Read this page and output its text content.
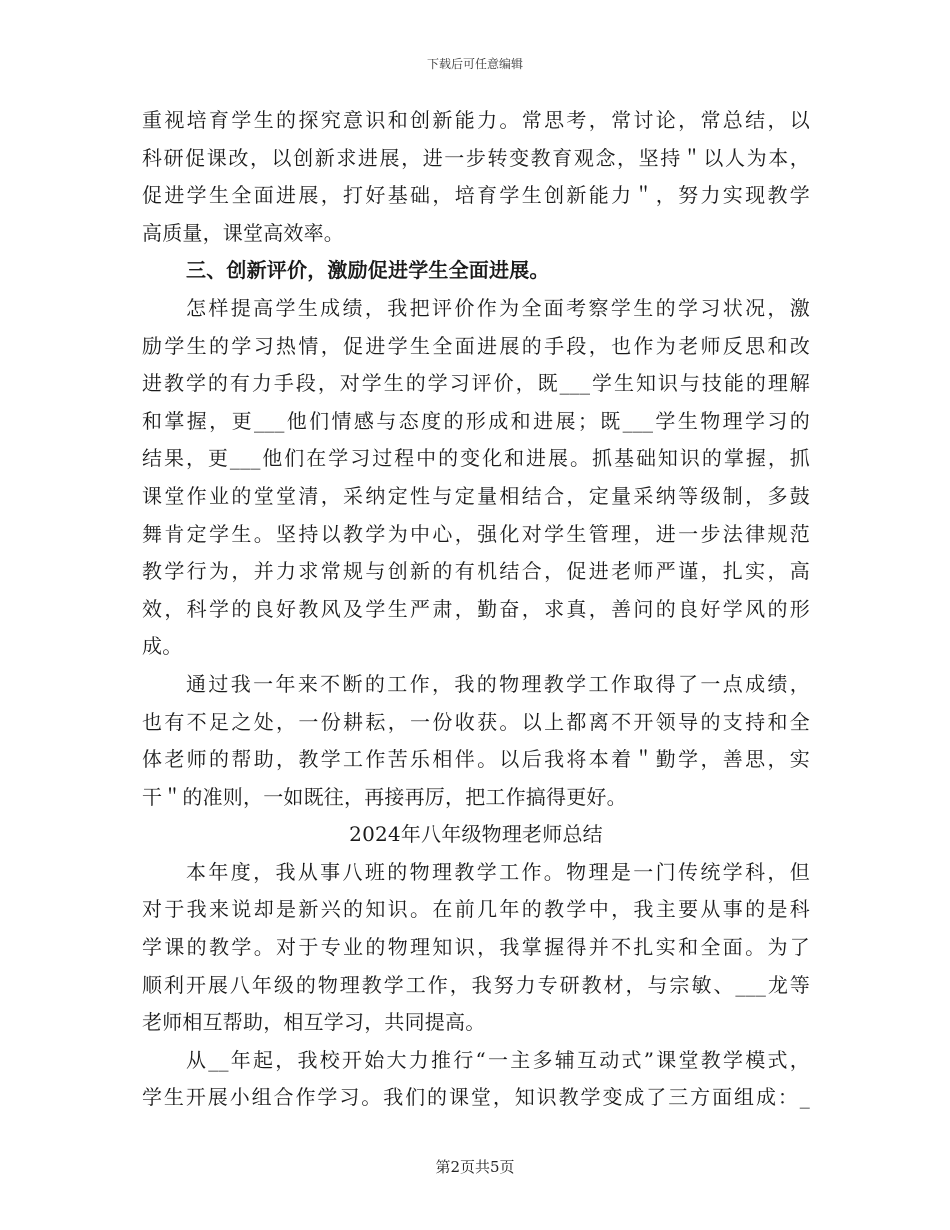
下载后可任意编辑
重视培育学生的探究意识和创新能力。常思考，常讨论，常总结，以
科研促课改，以创新求进展，进一步转变教育观念，坚持＂以人为本，
促进学生全面进展，打好基础，培育学生创新能力＂，努力实现教学
高质量，课堂高效率。
三、创新评价，激励促进学生全面进展。
怎样提高学生成绩，我把评价作为全面考察学生的学习状况，激
励学生的学习热情，促进学生全面进展的手段，也作为老师反思和改
进教学的有力手段，对学生的学习评价，既___学生知识与技能的理解
和掌握，更___他们情感与态度的形成和进展；既___学生物理学习的
结果，更___他们在学习过程中的变化和进展。抓基础知识的掌握，抓
课堂作业的堂堂清，采纳定性与定量相结合，定量采纳等级制，多鼓
舞肯定学生。坚持以教学为中心，强化对学生管理，进一步法律规范
教学行为，并力求常规与创新的有机结合，促进老师严谨，扎实，高
效，科学的良好教风及学生严肃，勤奋，求真，善问的良好学风的形
成。
通过我一年来不断的工作，我的物理教学工作取得了一点成绩，
也有不足之处，一份耕耘，一份收获。以上都离不开领导的支持和全
体老师的帮助，教学工作苦乐相伴。以后我将本着＂勤学，善思，实
干＂的准则，一如既往，再接再厉，把工作搞得更好。
2024年八年级物理老师总结
本年度，我从事八班的物理教学工作。物理是一门传统学科，但
对于我来说却是新兴的知识。在前几年的教学中，我主要从事的是科
学课的教学。对于专业的物理知识，我掌握得并不扎实和全面。为了
顺利开展八年级的物理教学工作，我努力专研教材，与宗敏、___龙等
老师相互帮助，相互学习，共同提高。
从__年起，我校开始大力推行“一主多辅互动式”课堂教学模式，
学生开展小组合作学习。我们的课堂，知识教学变成了三方面组成：_
第2页共5页
